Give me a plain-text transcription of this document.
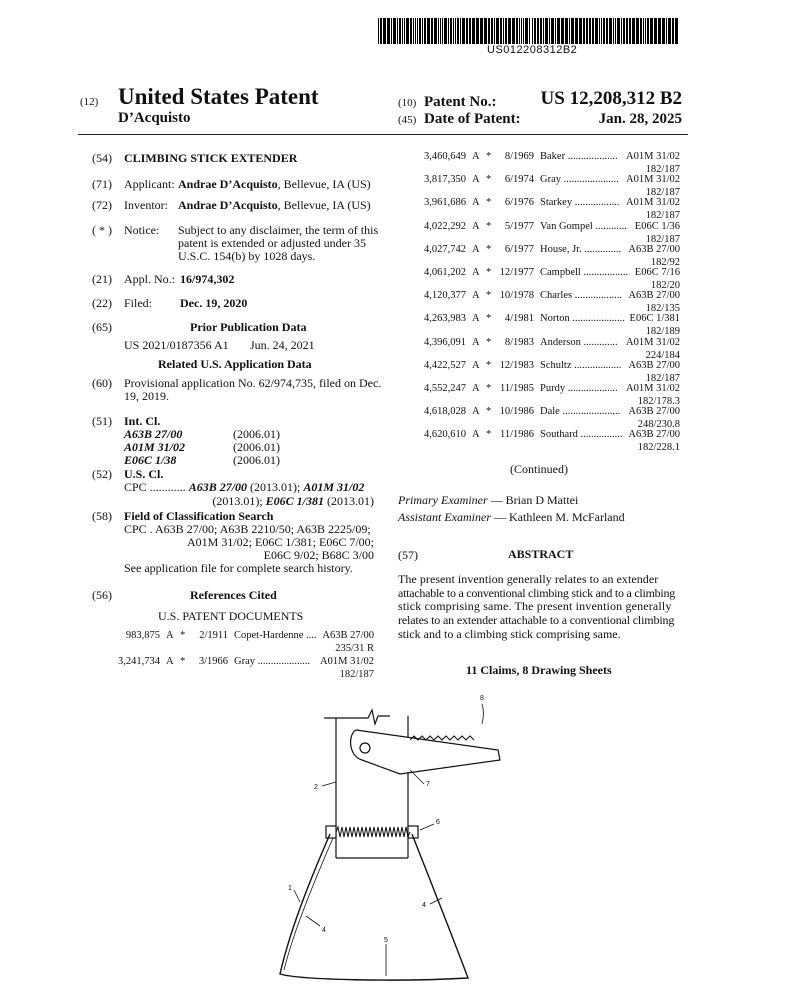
US012208312B2
(12) United States Patent
D’Acquisto
(10) Patent No.: US 12,208,312 B2
(45) Date of Patent:	Jan. 28, 2025
(54) CLIMBING STICK EXTENDER
(71) Applicant: Andrae D’Acquisto, Bellevue, IA (US)
(72) Inventor: Andrae D’Acquisto, Bellevue, IA (US)
( * ) Notice: Subject to any disclaimer, the term of this
patent is extended or adjusted under 35
U.S.C. 154(b) by 1028 days.
(21) Appl. No.: 16/974,302
(22) Filed: Dec. 19, 2020
(65)	Prior Publication Data
US 2021/0187356 A1 Jun. 24, 2021
Related U.S. Application Data
(60) Provisional application No. 62/974,735, filed on Dec.
19, 2019.
(51) Int. Cl.
A63B 27/00	(2006.01)
A01M 31/02	(2006.01)
E06C 1/38	(2006.01)
(52) U.S. Cl.
CPC ............ A63B 27/00 (2013.01); A01M 31/02
(2013.01); E06C 1/381 (2013.01)
(58) Field of Classification Search
CPC . A63B 27/00; A63B 2210/50; A63B 2225/09;
A01M 31/02; E06C 1/381; E06C 7/00;
E06C 9/02; B68C 3/00
See application file for complete search history.
(56)	References Cited
U.S. PATENT DOCUMENTS
983,875 A *	2/1911 Copet-Hardenne .... A63B 27/00
235/31 R
3,241,734 A *	3/1966 Gray .................... A01M 31/02
182/187
3,460,649 A *	8/1969 Baker ................... A01M 31/02
182/187
3,817,350 A *	6/1974 Gray ..................... A01M 31/02
182/187
3,961,686 A *	6/1976 Starkey ................. A01M 31/02
182/187
4,022,292 A *	5/1977 Van Gompel ............ E06C 1/36
182/187
4,027,742 A *	6/1977 House, Jr. .............. A63B 27/00
182/92
4,061,202 A * 12/1977 Campbell ................. E06C 7/16
182/20
4,120,377 A * 10/1978 Charles .................. A63B 27/00
182/135
4,263,983 A *	4/1981 Norton .................... E06C 1/381
182/189
4,396,091 A *	8/1983 Anderson ............. A01M 31/02
224/184
4,422,527 A * 12/1983 Schultz .................. A63B 27/00
182/187
4,552,247 A * 11/1985 Purdy ................... A01M 31/02
182/178.3
4,618,028 A * 10/1986 Dale ...................... A63B 27/00
248/230.8
4,620,610 A * 11/1986 Southard ................ A63B 27/00
182/228.1
(Continued)
Primary Examiner — Brian D Mattei
Assistant Examiner — Kathleen M. McFarland
(57)	ABSTRACT
The present invention generally relates to an extender
attachable to a conventional climbing stick and to a climbing
stick comprising same. The present invention generally
relates to an extender attachable to a conventional climbing
stick and to a climbing stick comprising same.
11 Claims, 8 Drawing Sheets
8
2	7
6
1
4
4
5
